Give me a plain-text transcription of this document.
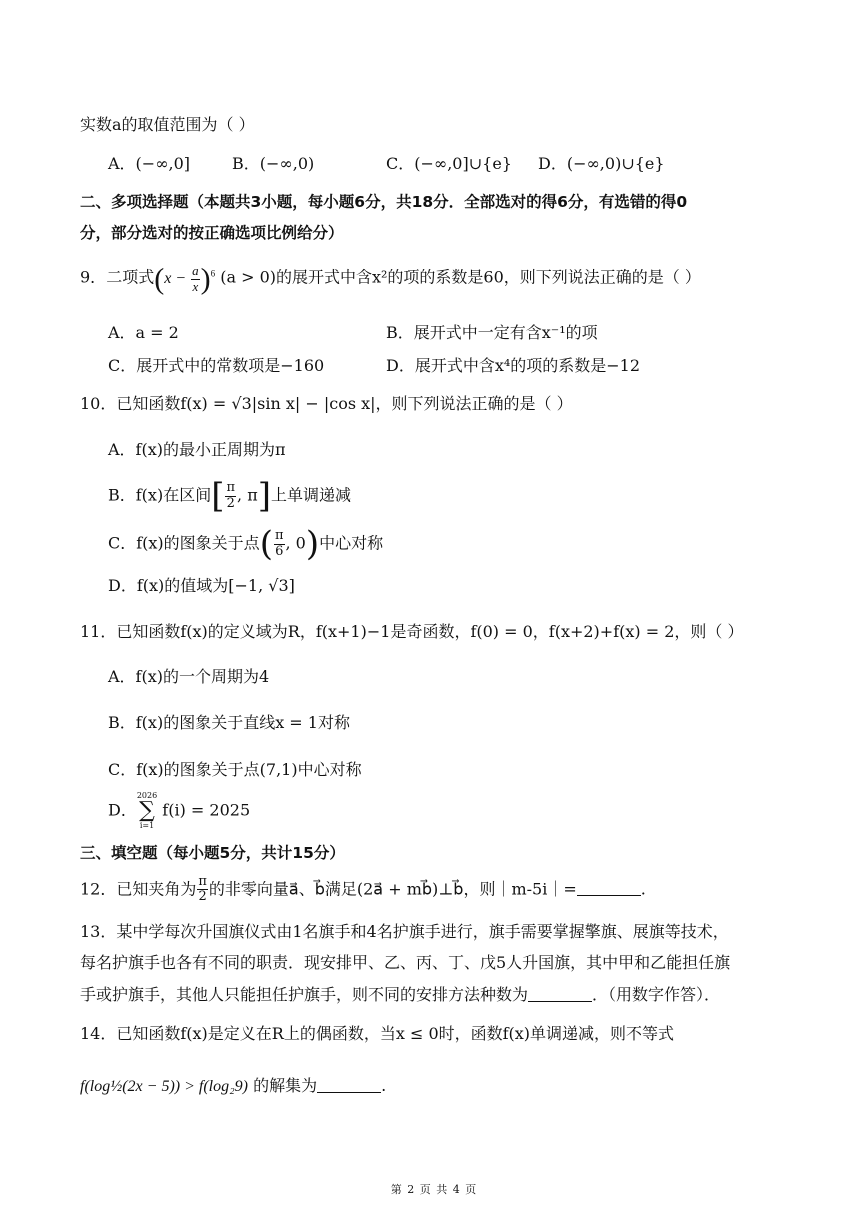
实数a的取值范围为（ ）
A．(−∞,0]	B．(−∞,0)	C．(−∞,0]∪{e} D．(−∞,0)∪{e}
二、多项选择题（本题共3小题，每小题6分，共18分．全部选对的得6分，有选错的得0
分，部分选对的按正确选项比例给分）
9．二项式$(x - \frac{a}{x} )^6$ (a > 0)的展开式中含x²的项的系数是60，则下列说法正确的是（ ）
A．a = 2	B．展开式中一定有含x⁻¹的项
C．展开式中的常数项是−160	D．展开式中含x⁴的项的系数是−12
10．已知函数f(x) = √3|sin x| − |cos x|，则下列说法正确的是（ ）
A．f(x)的最小正周期为π
B．f(x)在区间[ $\frac{\pi}{2}$ , π]上单调递减
C．f(x)的图象关于点( $\frac{\pi}{6}$ , 0)中心对称
D．f(x)的值域为[−1, √3]
11．已知函数f(x)的定义域为R，f(x+1)−1是奇函数，f(0) = 0，f(x+2)+f(x) = 2，则（ ）
A．f(x)的一个周期为4
B．f(x)的图象关于直线x = 1对称
C．f(x)的图象关于点(7,1)中心对称
D．
2026
∑
i=1
f(i) = 2025
三、填空题（每小题5分，共计15分）
12．已知夹角为 $\frac{\pi}{2}$ 的非零向量a⃗、b⃗满足(2a⃗ + mb⃗)⊥b⃗，则｜m-5i｜=	.
13．某中学每次升国旗仪式由1名旗手和4名护旗手进行，旗手需要掌握擎旗、展旗等技术，
每名护旗手也各有不同的职责．现安排甲、乙、丙、丁、戊5人升国旗，其中甲和乙能担任旗
手或护旗手，其他人只能担任护旗手，则不同的安排方法种数为	．（用数字作答）．
14．已知函数f(x)是定义在R上的偶函数，当x ≤ 0时，函数f(x)单调递减，则不等式
f(log½(2x − 5)) > f(log₂9) 的解集为	.
第 2 页 共 4 页
